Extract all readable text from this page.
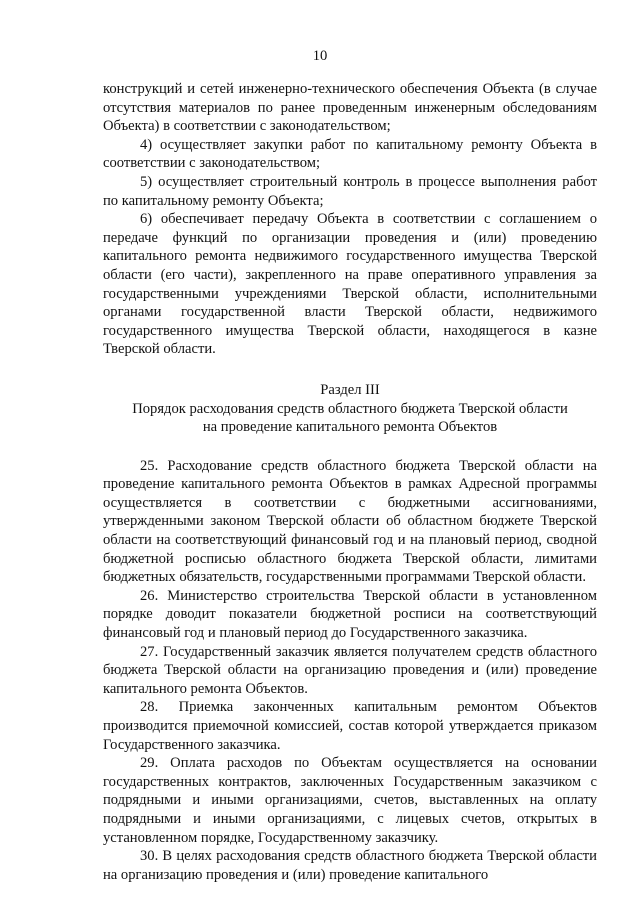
10

конструкций и сетей инженерно-технического обеспечения Объекта (в случае отсутствия материалов по ранее проведенным инженерным обследованиям Объекта) в соответствии с законодательством;

4) осуществляет закупки работ по капитальному ремонту Объекта в соответствии с законодательством;

5) осуществляет строительный контроль в процессе выполнения работ по капитальному ремонту Объекта;

6) обеспечивает передачу Объекта в соответствии с соглашением о передаче функций по организации проведения и (или) проведению капитального ремонта недвижимого государственного имущества Тверской области (его части), закрепленного на праве оперативного управления за государственными учреждениями Тверской области, исполнительными органами государственной власти Тверской области, недвижимого государственного имущества Тверской области, находящегося в казне Тверской области.

Раздел III

Порядок расходования средств областного бюджета Тверской области

на проведение капитального ремонта Объектов

25. Расходование средств областного бюджета Тверской области на проведение капитального ремонта Объектов в рамках Адресной программы осуществляется в соответствии с бюджетными ассигнованиями, утвержденными законом Тверской области об областном бюджете Тверской области на соответствующий финансовый год и на плановый период, сводной бюджетной росписью областного бюджета Тверской области, лимитами бюджетных обязательств, государственными программами Тверской области.

26. Министерство строительства Тверской области в установленном порядке доводит показатели бюджетной росписи на соответствующий финансовый год и плановый период до Государственного заказчика.

27. Государственный заказчик является получателем средств областного бюджета Тверской области на организацию проведения и (или) проведение капитального ремонта Объектов.

28. Приемка законченных капитальным ремонтом Объектов производится приемочной комиссией, состав которой утверждается приказом Государственного заказчика.

29. Оплата расходов по Объектам осуществляется на основании государственных контрактов, заключенных Государственным заказчиком с подрядными и иными организациями, счетов, выставленных на оплату подрядными и иными организациями, с лицевых счетов, открытых в установленном порядке, Государственному заказчику.

30. В целях расходования средств областного бюджета Тверской области на организацию проведения и (или) проведение капитального
